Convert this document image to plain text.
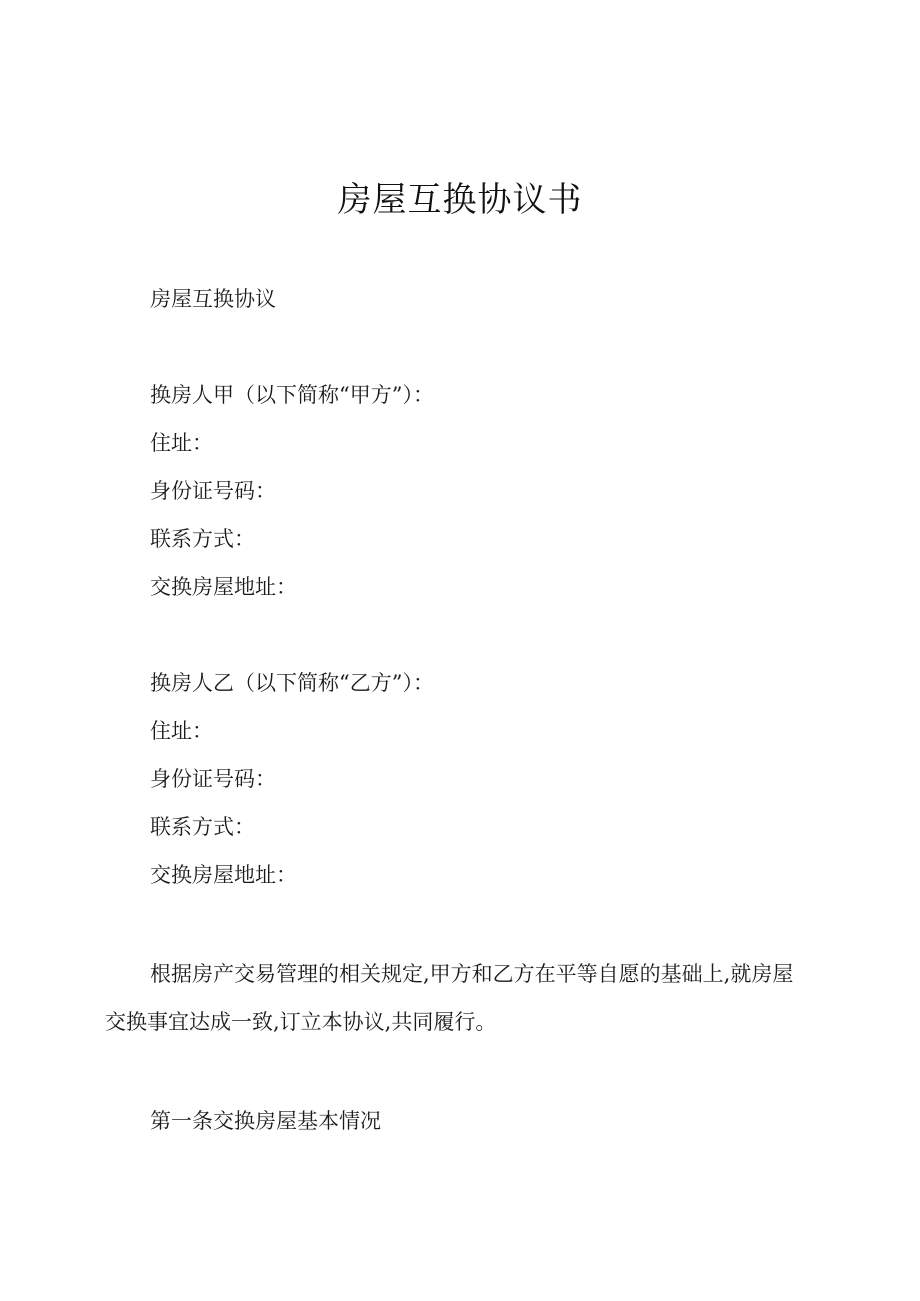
房屋互换协议书
房屋互换协议
换房人甲（以下简称“甲方”）：
住址：
身份证号码：
联系方式：
交换房屋地址：
换房人乙（以下简称“乙方”）：
住址：
身份证号码：
联系方式：
交换房屋地址：
根据房产交易管理的相关规定,甲方和乙方在平等自愿的基础上,就房屋交换事宜达成一致,订立本协议,共同履行。
第一条交换房屋基本情况
